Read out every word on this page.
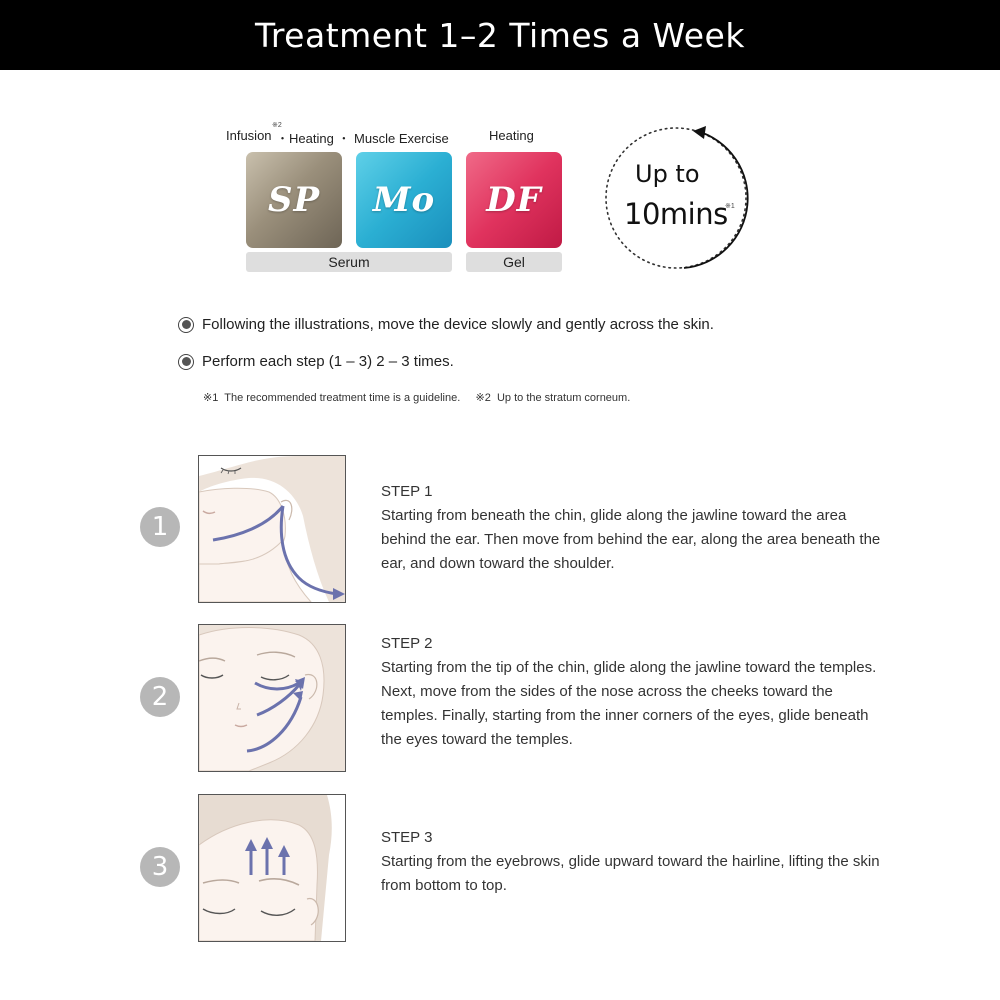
Treatment 1–2 Times a Week
Infusion
※2
・Heating ・ Muscle Exercise	Heating
SP Mo DF
Serum	Gel
Up to
10mins
※1
Following the illustrations, move the device slowly and gently across the skin.
Perform each step (1 – 3) 2 – 3 times.
※1  The recommended treatment time is a guideline.     ※2  Up to the stratum corneum.
1
STEP 1
Starting from beneath the chin, glide along the jawline toward the area behind the ear. Then move from behind the ear, along the area beneath the ear, and down toward the shoulder.
2
STEP 2
Starting from the tip of the chin, glide along the jawline toward the temples. Next, move from the sides of the nose across the cheeks toward the temples. Finally, starting from the inner corners of the eyes, glide beneath the eyes toward the temples.
3
STEP 3
Starting from the eyebrows, glide upward toward the hairline, lifting the skin from bottom to top.
